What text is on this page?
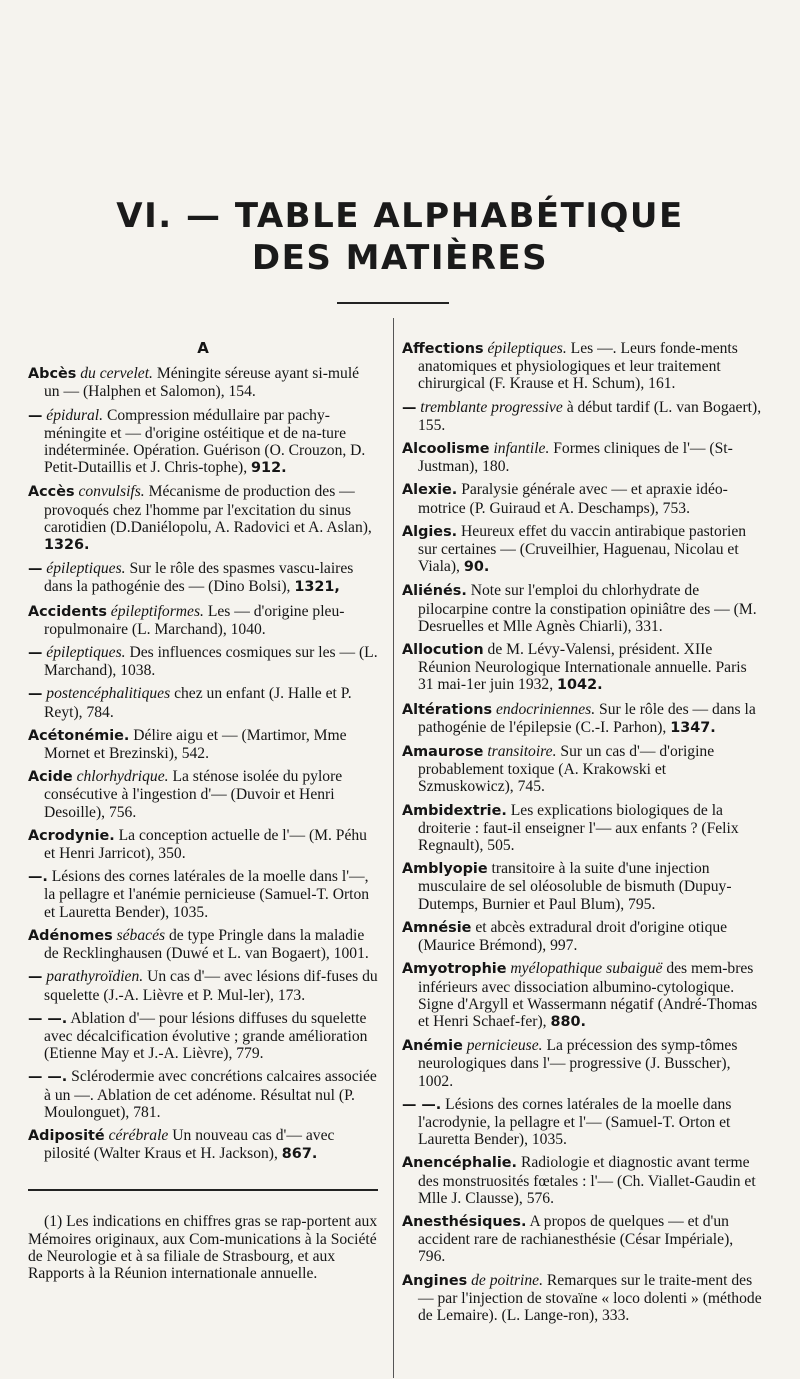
VI. — TABLE ALPHABÉTIQUE
DES MATIÈRES
A

Abcès du cervelet. Méningite séreuse ayant si-mulé un — (Halphen et Salomon), 154.

— épidural. Compression médullaire par pachy-méningite et — d'origine ostéitique et de na-ture indéterminée. Opération. Guérison (O. Crouzon, D. Petit-Dutaillis et J. Chris-tophe), 912.

Accès convulsifs. Mécanisme de production des — provoqués chez l'homme par l'excitation du sinus carotidien (D.Daniélopolu, A. Radovici et A. Aslan), 1326.

— épileptiques. Sur le rôle des spasmes vascu-laires dans la pathogénie des — (Dino Bolsi), 1321,

Accidents épileptiformes. Les — d'origine pleu-ropulmonaire (L. Marchand), 1040.

— épileptiques. Des influences cosmiques sur les — (L. Marchand), 1038.

— postencéphalitiques chez un enfant (J. Halle et P. Reyt), 784.

Acétonémie. Délire aigu et — (Martimor, Mme Mornet et Brezinski), 542.

Acide chlorhydrique. La sténose isolée du pylore consécutive à l'ingestion d'— (Duvoir et Henri Desoille), 756.

Acrodynie. La conception actuelle de l'— (M. Péhu et Henri Jarricot), 350.

—. Lésions des cornes latérales de la moelle dans l'—, la pellagre et l'anémie pernicieuse (Samuel-T. Orton et Lauretta Bender), 1035.

Adénomes sébacés de type Pringle dans la maladie de Recklinghausen (Duwé et L. van Bogaert), 1001.

— parathyroïdien. Un cas d'— avec lésions dif-fuses du squelette (J.-A. Lièvre et P. Mul-ler), 173.

— —. Ablation d'— pour lésions diffuses du squelette avec décalcification évolutive ; grande amélioration (Etienne May et J.-A. Lièvre), 779.

— —. Sclérodermie avec concrétions calcaires associée à un —. Ablation de cet adénome. Résultat nul (P. Moulonguet), 781.

Adiposité cérébrale Un nouveau cas d'— avec pilosité (Walter Kraus et H. Jackson), 867.

(1) Les indications en chiffres gras se rap-portent aux Mémoires originaux, aux Com-munications à la Société de Neurologie et à sa filiale de Strasbourg, et aux Rapports à la Réunion internationale annuelle.

Affections épileptiques. Les —. Leurs fonde-ments anatomiques et physiologiques et leur traitement chirurgical (F. Krause et H. Schum), 161.

— tremblante progressive à début tardif (L. van Bogaert), 155.

Alcoolisme infantile. Formes cliniques de l'— (St-Justman), 180.

Alexie. Paralysie générale avec — et apraxie idéo-motrice (P. Guiraud et A. Deschamps), 753.

Algies. Heureux effet du vaccin antirabique pastorien sur certaines — (Cruveilhier, Haguenau, Nicolau et Viala), 90.

Aliénés. Note sur l'emploi du chlorhydrate de pilocarpine contre la constipation opiniâtre des — (M. Desruelles et Mlle Agnès Chiarli), 331.

Allocution de M. Lévy-Valensi, président. XIIe Réunion Neurologique Internationale annuelle. Paris 31 mai-1er juin 1932, 1042.

Altérations endocriniennes. Sur le rôle des — dans la pathogénie de l'épilepsie (C.-I. Parhon), 1347.

Amaurose transitoire. Sur un cas d'— d'origine probablement toxique (A. Krakowski et Szmuskowicz), 745.

Ambidextrie. Les explications biologiques de la droiterie : faut-il enseigner l'— aux enfants ? (Felix Regnault), 505.

Amblyopie transitoire à la suite d'une injection musculaire de sel oléosoluble de bismuth (Dupuy-Dutemps, Burnier et Paul Blum), 795.

Amnésie et abcès extradural droit d'origine otique (Maurice Brémond), 997.

Amyotrophie myélopathique subaiguë des mem-bres inférieurs avec dissociation albumino-cytologique. Signe d'Argyll et Wassermann négatif (André-Thomas et Henri Schaef-fer), 880.

Anémie pernicieuse. La précession des symp-tômes neurologiques dans l'— progressive (J. Busscher), 1002.

— —. Lésions des cornes latérales de la moelle dans l'acrodynie, la pellagre et l'— (Samuel-T. Orton et Lauretta Bender), 1035.

Anencéphalie. Radiologie et diagnostic avant terme des monstruosités fœtales : l'— (Ch. Viallet-Gaudin et Mlle J. Clausse), 576.

Anesthésiques. A propos de quelques — et d'un accident rare de rachianesthésie (César Impériale), 796.

Angines de poitrine. Remarques sur le traite-ment des — par l'injection de stovaïne « loco dolenti » (méthode de Lemaire). (L. Lange-ron), 333.
